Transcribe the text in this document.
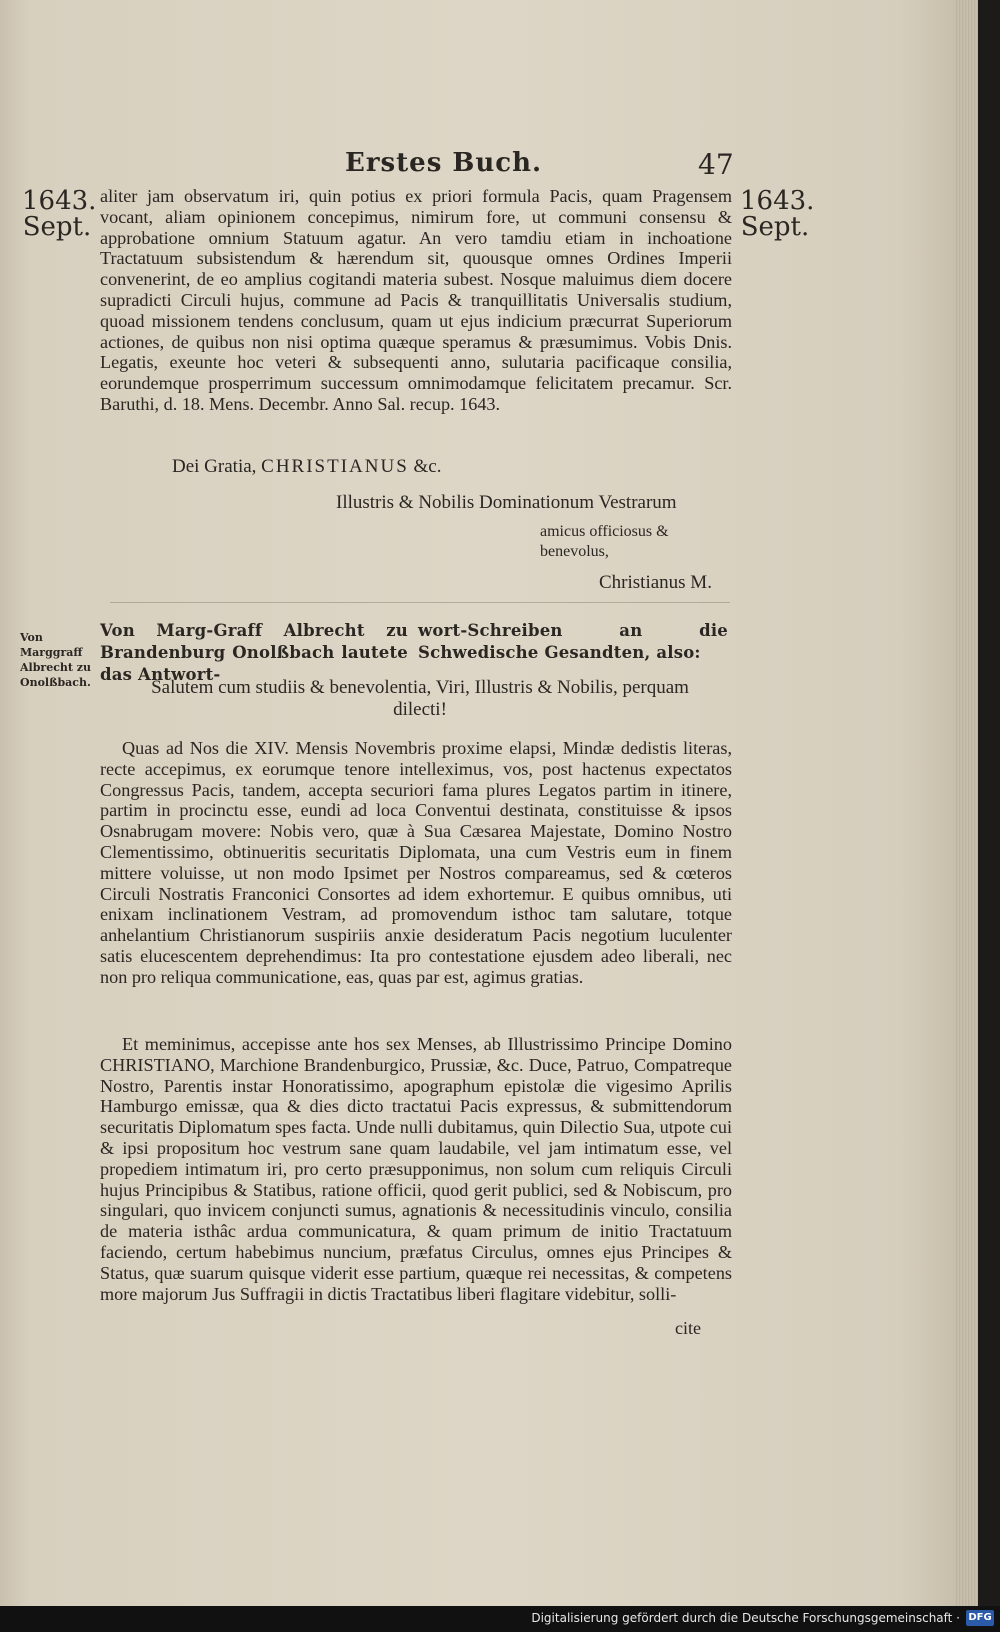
Erstes Buch.	47
1643.
Sept.
1643.
Sept.
aliter jam observatum iri, quin potius ex priori formula Pacis, quam Pragensem vocant, aliam opinionem concepimus, nimirum fore, ut communi consensu & approbatione omnium Statuum agatur. An vero tamdiu etiam in inchoatione Tractatuum subsistendum & hærendum sit, quousque omnes Ordines Imperii convenerint, de eo amplius cogitandi materia subest. Nosque maluimus diem docere supradicti Circuli hujus, commune ad Pacis & tranquillitatis Universalis studium, quoad missionem tendens conclusum, quam ut ejus indicium præcurrat Superiorum actiones, de quibus non nisi optima quæque speramus & præsumimus. Vobis Dnis. Legatis, exeunte hoc veteri & subsequenti anno, sulutaria pacificaque consilia, eorundemque prosperrimum successum omnimodamque felicitatem precamur. Scr. Baruthi, d. 18. Mens. Decembr. Anno Sal. recup. 1643.
Dei Gratia, CHRISTIANUS &c.
Illustris & Nobilis Dominationum Vestrarum
amicus officiosus & benevolus,
Christianus M.
Von Marggraff Albrecht zu Onolßbach.
Von Marg-Graff Albrecht zu Brandenburg Onolßbach lautete das Antwort-
wort-Schreiben an die Schwedische Gesandten, also:
Salutem cum studiis & benevolentia, Viri, Illustris & Nobilis, perquam dilecti!
Quas ad Nos die XIV. Mensis Novembris proxime elapsi, Mindæ dedistis literas, recte accepimus, ex eorumque tenore intelleximus, vos, post hactenus expectatos Congressus Pacis, tandem, accepta securiori fama plures Legatos partim in itinere, partim in procinctu esse, eundi ad loca Conventui destinata, constituisse & ipsos Osnabrugam movere: Nobis vero, quæ à Sua Cæsarea Majestate, Domino Nostro Clementissimo, obtinueritis securitatis Diplomata, una cum Vestris eum in finem mittere voluisse, ut non modo Ipsimet per Nostros compareamus, sed & cœteros Circuli Nostratis Franconici Consortes ad idem exhortemur. E quibus omnibus, uti enixam inclinationem Vestram, ad promovendum isthoc tam salutare, totque anhelantium Christianorum suspiriis anxie desideratum Pacis negotium luculenter satis elucescentem deprehendimus: Ita pro contestatione ejusdem adeo liberali, nec non pro reliqua communicatione, eas, quas par est, agimus gratias.
Et meminimus, accepisse ante hos sex Menses, ab Illustrissimo Principe Domino CHRISTIANO, Marchione Brandenburgico, Prussiæ, &c. Duce, Patruo, Compatreque Nostro, Parentis instar Honoratissimo, apographum epistolæ die vigesimo Aprilis Hamburgo emissæ, qua & dies dicto tractatui Pacis expressus, & submittendorum securitatis Diplomatum spes facta. Unde nulli dubitamus, quin Dilectio Sua, utpote cui & ipsi propositum hoc vestrum sane quam laudabile, vel jam intimatum esse, vel propediem intimatum iri, pro certo præsupponimus, non solum cum reliquis Circuli hujus Principibus & Statibus, ratione officii, quod gerit publici, sed & Nobiscum, pro singulari, quo invicem conjuncti sumus, agnationis & necessitudinis vinculo, consilia de materia isthâc ardua communicatura, & quam primum de initio Tractatuum faciendo, certum habebimus nuncium, præfatus Circulus, omnes ejus Principes & Status, quæ suarum quisque viderit esse partium, quæque rei necessitas, & competens more majorum Jus Suffragii in dictis Tractatibus liberi flagitare videbitur, solli-
cite
Digitalisierung gefördert durch die Deutsche Forschungsgemeinschaft · DFG
